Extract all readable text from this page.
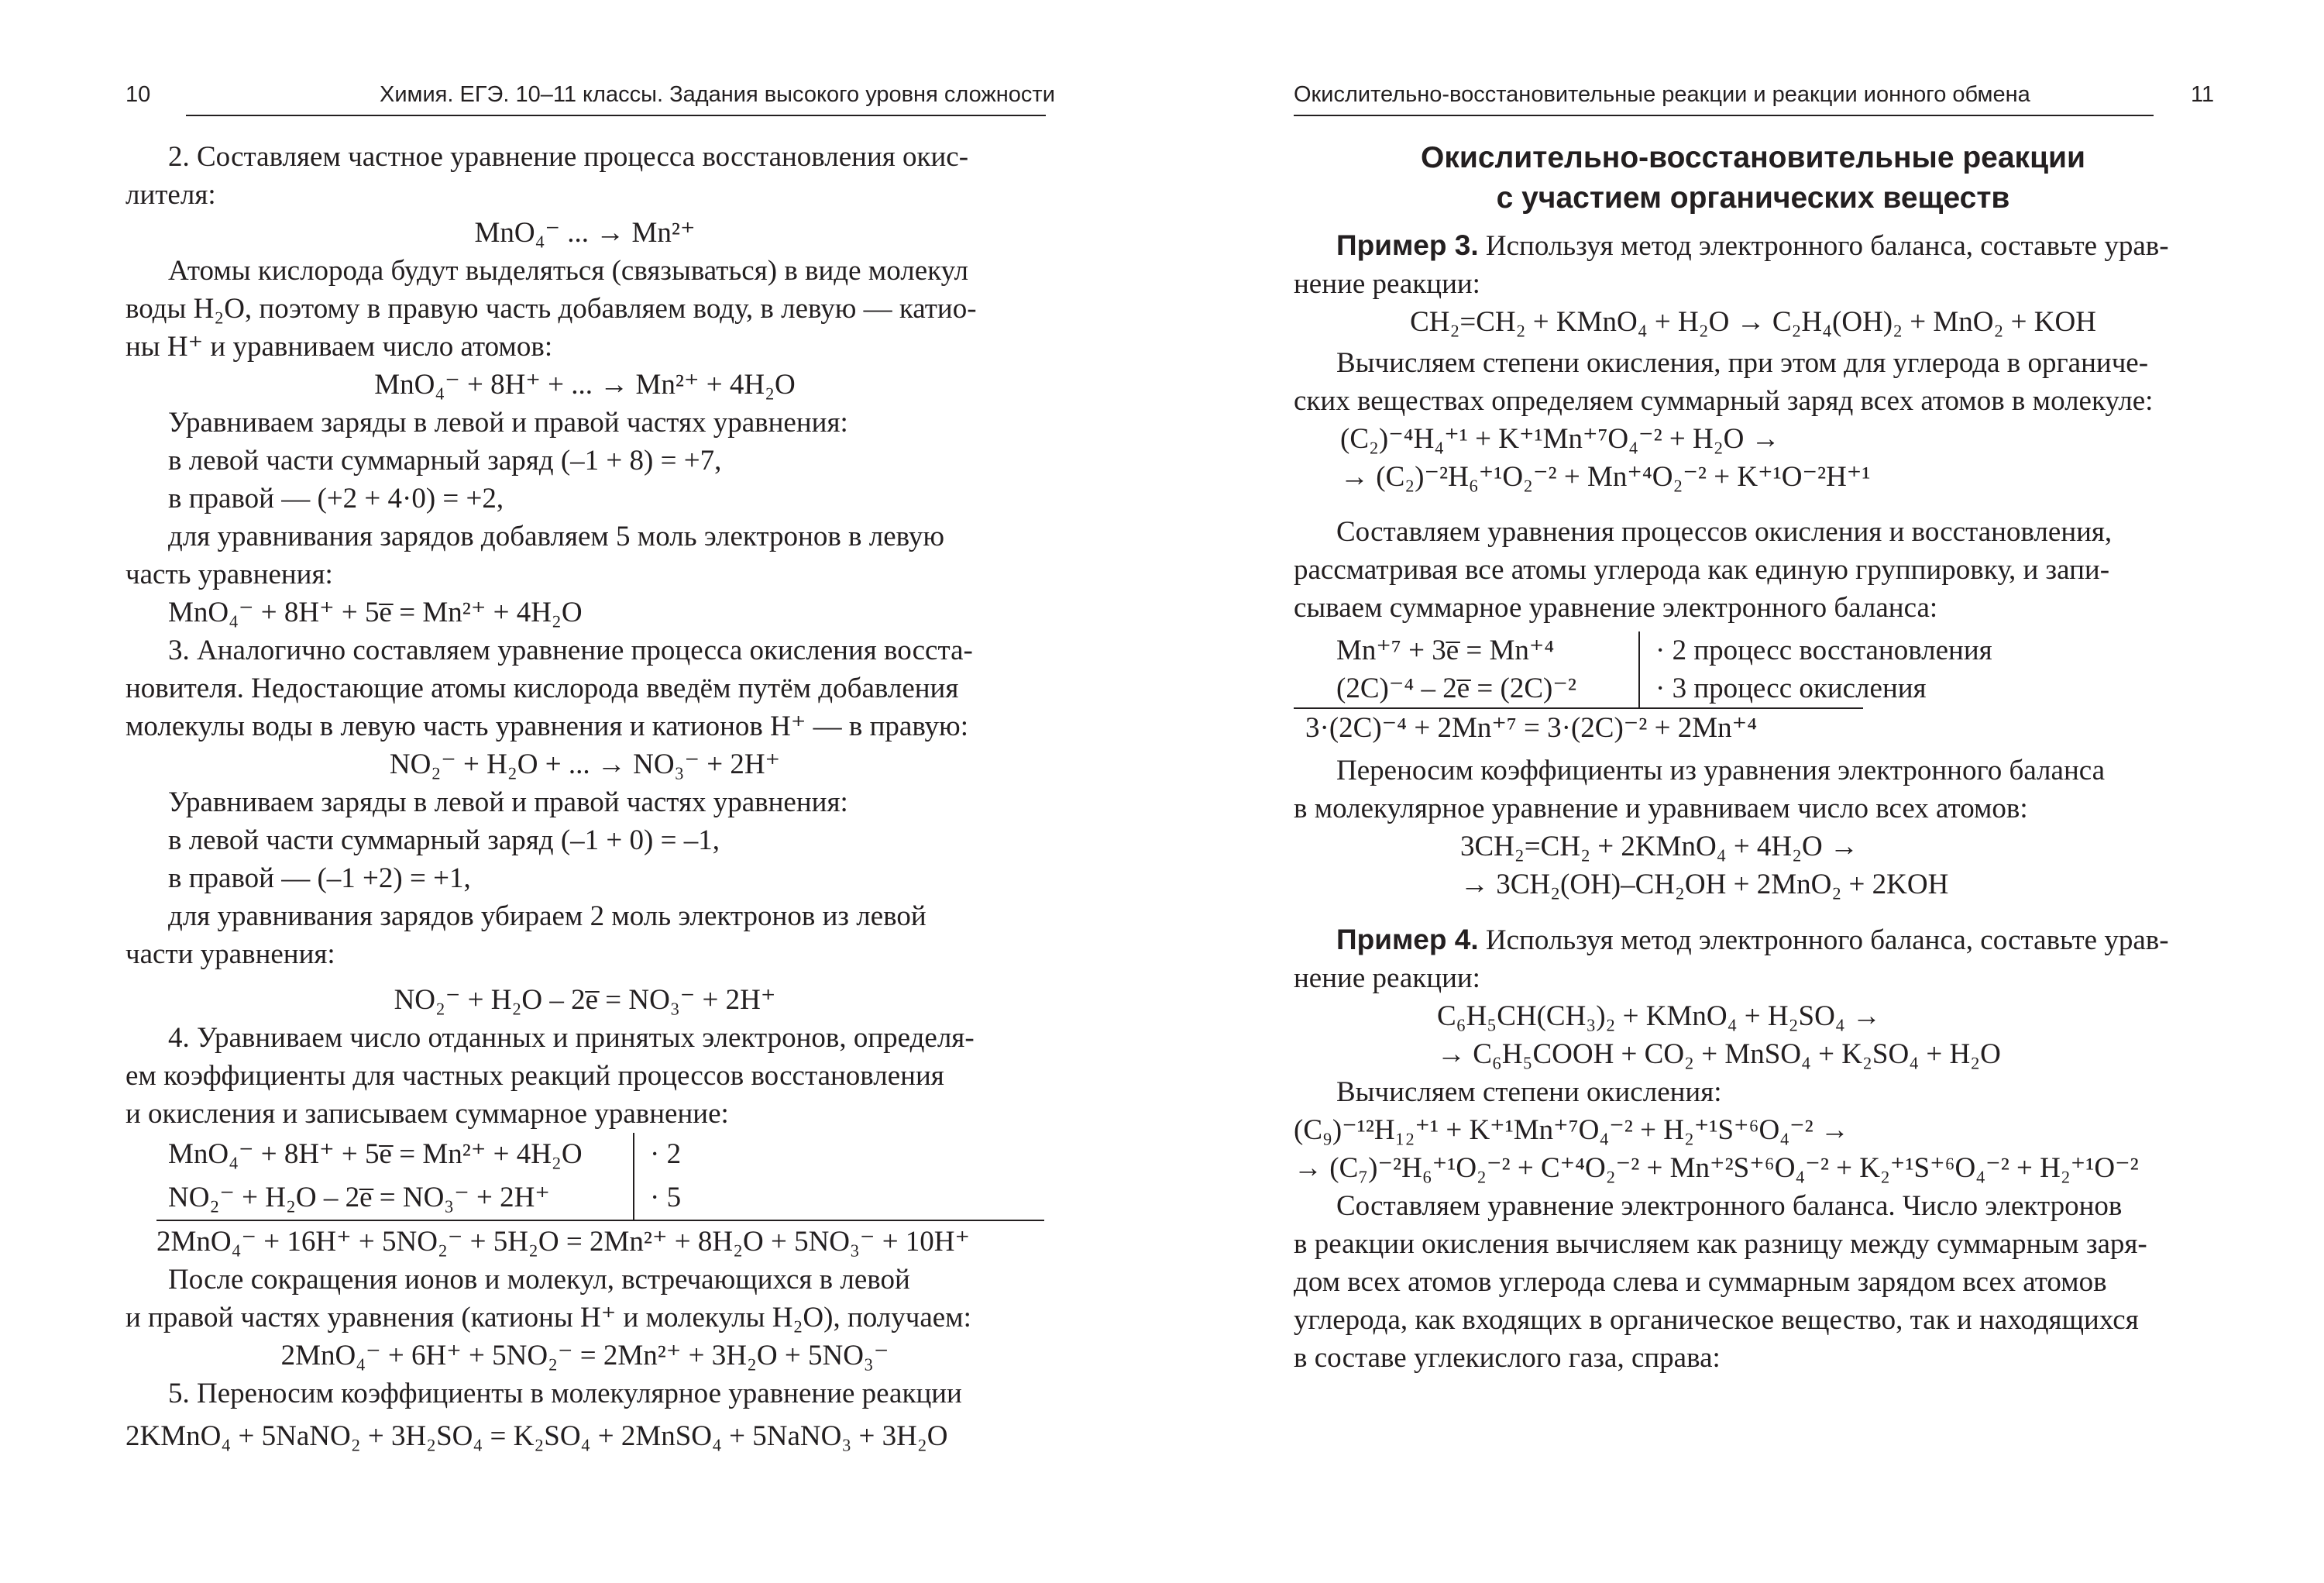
10	Химия. ЕГЭ. 10–11 классы. Задания высокого уровня сложности

2. Составляем частное уравнение процесса восстановления окис-

лителя:

MnO₄⁻ ... → Mn²⁺

Атомы кислорода будут выделяться (связываться) в виде молекул

воды H₂O, поэтому в правую часть добавляем воду, в левую — катио-

ны H⁺ и уравниваем число атомов:

MnO₄⁻ + 8H⁺ + ... → Mn²⁺ + 4H₂O

Уравниваем заряды в левой и правой частях уравнения:

в левой части суммарный заряд (–1 + 8) = +7,

в правой — (+2 + 4·0) = +2,

для уравнивания зарядов добавляем 5 моль электронов в левую

часть уравнения:

MnO₄⁻ + 8H⁺ + 5e̅ = Mn²⁺ + 4H₂O

3. Аналогично составляем уравнение процесса окисления восста-

новителя. Недостающие атомы кислорода введём путём добавления

молекулы воды в левую часть уравнения и катионов H⁺ — в правую:

NO₂⁻ + H₂O + ... → NO₃⁻ + 2H⁺

Уравниваем заряды в левой и правой частях уравнения:

в левой части суммарный заряд (–1 + 0) = –1,

в правой — (–1 +2) = +1,

для уравнивания зарядов убираем 2 моль электронов из левой

части уравнения:

NO₂⁻ + H₂O – 2e̅ = NO₃⁻ + 2H⁺

4. Уравниваем число отданных и принятых электронов, определя-

ем коэффициенты для частных реакций процессов восстановления

и окисления и записываем суммарное уравнение:

MnO₄⁻ + 8H⁺ + 5e̅ = Mn²⁺ + 4H₂O	· 2
NO₂⁻ + H₂O – 2e̅ = NO₃⁻ + 2H⁺	· 5
2MnO₄⁻ + 16H⁺ + 5NO₂⁻ + 5H₂O = 2Mn²⁺ + 8H₂O + 5NO₃⁻ + 10H⁺

После сокращения ионов и молекул, встречающихся в левой

и правой частях уравнения (катионы H⁺ и молекулы H₂O), получаем:

2MnO₄⁻ + 6H⁺ + 5NO₂⁻ = 2Mn²⁺ + 3H₂O + 5NO₃⁻

5. Переносим коэффициенты в молекулярное уравнение реакции

2KMnO₄ + 5NaNO₂ + 3H₂SO₄ = K₂SO₄ + 2MnSO₄ + 5NaNO₃ + 3H₂O

Окислительно-восстановительные реакции и реакции ионного обмена	11

Окислительно-восстановительные реакции
с участием органических веществ

Пример 3. Используя метод электронного баланса, составьте урав-

нение реакции:

CH₂=CH₂ + KMnO₄ + H₂O → C₂H₄(OH)₂ + MnO₂ + KOH

Вычисляем степени окисления, при этом для углерода в органиче-

ских веществах определяем суммарный заряд всех атомов в молекуле:

(C₂)⁻⁴H₄⁺¹ + K⁺¹Mn⁺⁷O₄⁻² + H₂O →

→ (C₂)⁻²H₆⁺¹O₂⁻² + Mn⁺⁴O₂⁻² + K⁺¹O⁻²H⁺¹

Составляем уравнения процессов окисления и восстановления,

рассматривая все атомы углерода как единую группировку, и запи-

сываем суммарное уравнение электронного баланса:

Mn⁺⁷ + 3e̅ = Mn⁺⁴	· 2 процесс восстановления
(2C)⁻⁴ – 2e̅ = (2C)⁻²	· 3 процесс окисления
3·(2C)⁻⁴ + 2Mn⁺⁷ = 3·(2C)⁻² + 2Mn⁺⁴

Переносим коэффициенты из уравнения электронного баланса

в молекулярное уравнение и уравниваем число всех атомов:

3CH₂=CH₂ + 2KMnO₄ + 4H₂O →

→ 3CH₂(OH)–CH₂OH + 2MnO₂ + 2KOH

Пример 4. Используя метод электронного баланса, составьте урав-

нение реакции:

C₆H₅CH(CH₃)₂ + KMnO₄ + H₂SO₄ →

→ C₆H₅COOH + CO₂ + MnSO₄ + K₂SO₄ + H₂O

Вычисляем степени окисления:

(C₉)⁻¹²H₁₂⁺¹ + K⁺¹Mn⁺⁷O₄⁻² + H₂⁺¹S⁺⁶O₄⁻² →

→ (C₇)⁻²H₆⁺¹O₂⁻² + C⁺⁴O₂⁻² + Mn⁺²S⁺⁶O₄⁻² + K₂⁺¹S⁺⁶O₄⁻² + H₂⁺¹O⁻²

Составляем уравнение электронного баланса. Число электронов

в реакции окисления вычисляем как разницу между суммарным заря-

дом всех атомов углерода слева и суммарным зарядом всех атомов

углерода, как входящих в органическое вещество, так и находящихся

в составе углекислого газа, справа:
